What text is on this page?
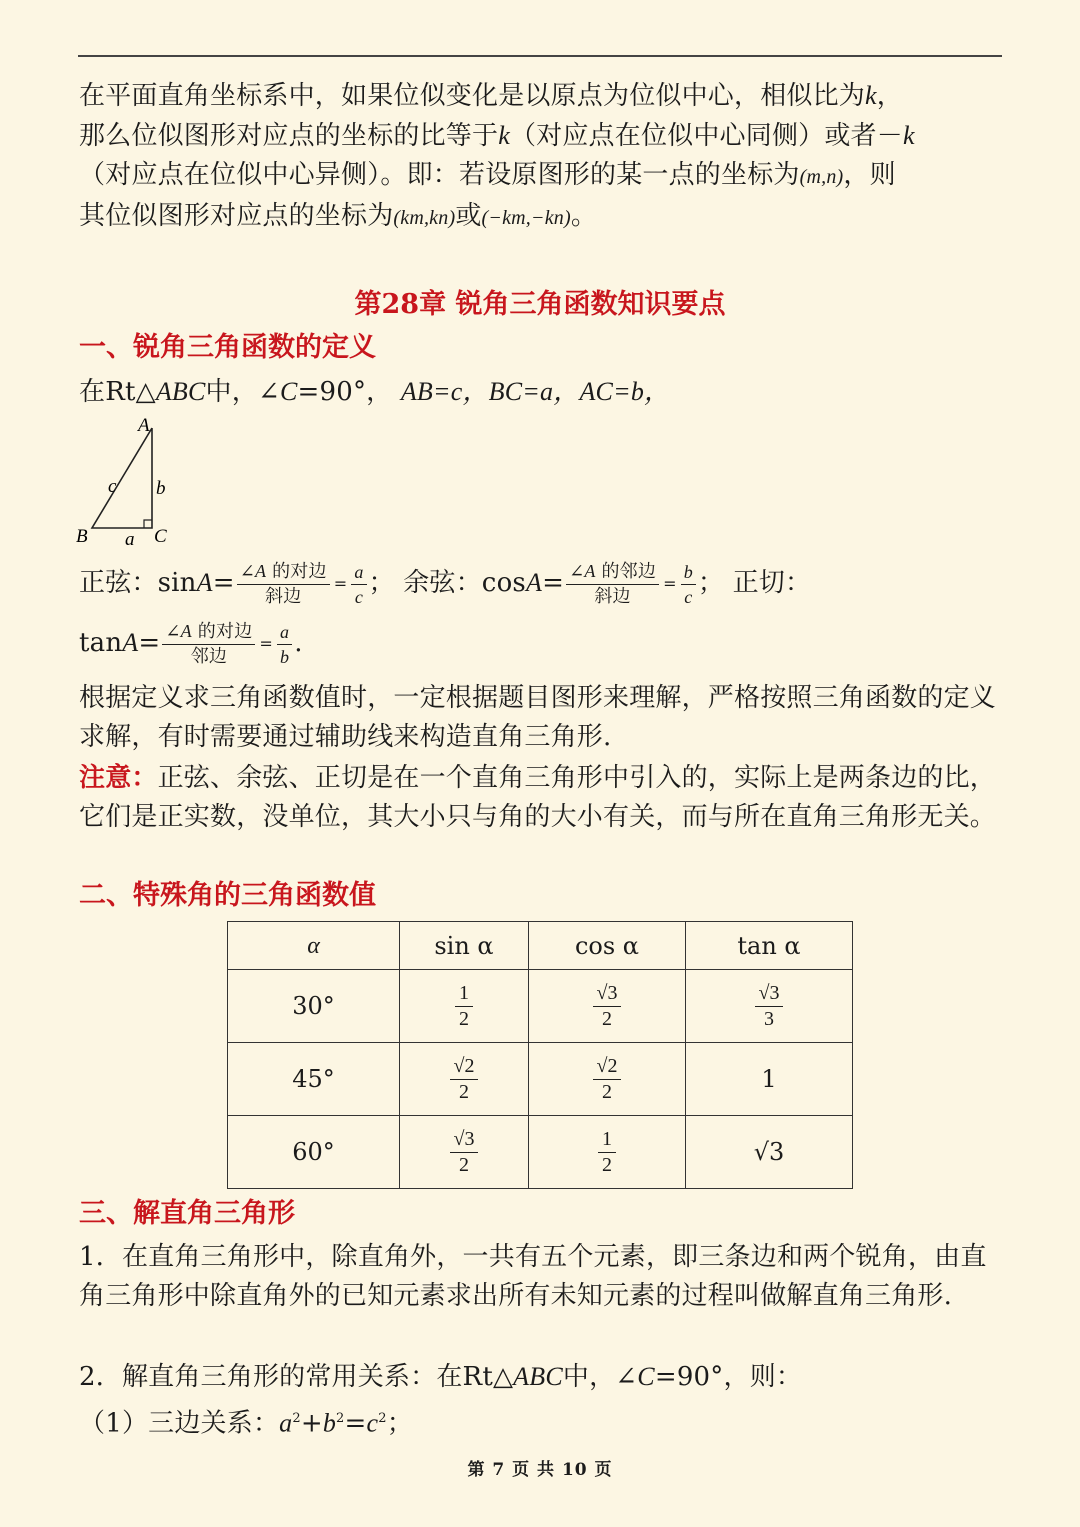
在平面直角坐标系中，如果位似变化是以原点为位似中心，相似比为k，
那么位似图形对应点的坐标的比等于k（对应点在位似中心同侧）或者－k
（对应点在位似中心异侧）。即：若设原图形的某一点的坐标为(m,n)，则
其位似图形对应点的坐标为(km,kn)或(−km,−kn)。

第28章 锐角三角函数知识要点
一、锐角三角函数的定义

在Rt△ABC中，∠C=90°， AB=c，BC=a，AC=b，

A
B	C
a
b
c

正弦：$\sin A= \frac{\text{∠A 的对边}}{\text{斜边}} = \frac{a}{c}$ ； 余弦：$\cos A= \frac{\text{∠A 的邻边}}{\text{斜边}} = \frac{b}{c}$ ； 正切：

$\tan A= \frac{\text{∠A 的对边}}{\text{邻边}} = \frac{a}{b}$ .

根据定义求三角函数值时，一定根据题目图形来理解，严格按照三角函数的定义求解，有时需要通过辅助线来构造直角三角形.

注意：正弦、余弦、正切是在一个直角三角形中引入的，实际上是两条边的比，它们是正实数，没单位，其大小只与角的大小有关，而与所在直角三角形无关。

二、特殊角的三角函数值
α	sin α	cos α	tan α
30°	$\frac{1}{2}$	$\frac{√3}{2}$	$\frac{√3}{3}$

45°	$\frac{√2}{2}$	$\frac{√2}{2}$	1
60°	$\frac{√3}{2}$	$\frac{1}{2}$	√3
三、解直角三角形

1．在直角三角形中，除直角外，一共有五个元素，即三条边和两个锐角，由直角三角形中除直角外的已知元素求出所有未知元素的过程叫做解直角三角形.

2．解直角三角形的常用关系：在Rt△ABC中，∠C=90°，则：

（1）三边关系：$a^2+b^2=c^2$；

第 7 页 共 10 页
